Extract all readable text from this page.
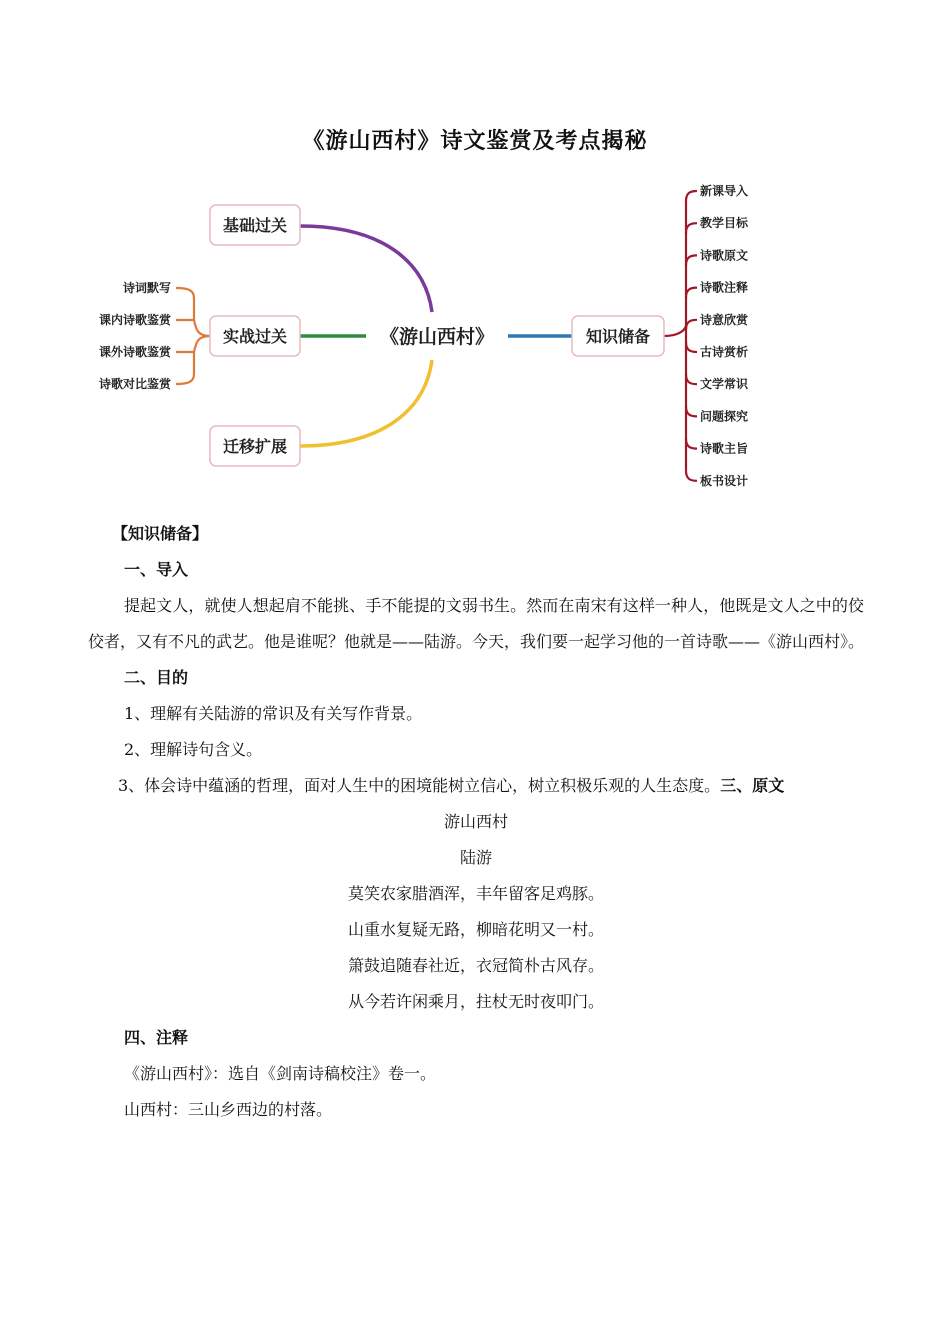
《游山西村》诗文鉴赏及考点揭秘
基础过关
实战过关
迁移扩展
知识储备
《游山西村》
诗词默写
课内诗歌鉴赏
课外诗歌鉴赏
诗歌对比鉴赏
新课导入
教学目标
诗歌原文
诗歌注释
诗意欣赏
古诗赏析
文学常识
问题探究
诗歌主旨
板书设计

【知识储备】

一、导入

提起文人，就使人想起肩不能挑、手不能提的文弱书生。然而在南宋有这样一种人，他既是文人之中的佼佼者，又有不凡的武艺。他是谁呢？他就是——陆游。今天，我们要一起学习他的一首诗歌——《游山西村》。

二、目的

1、理解有关陆游的常识及有关写作背景。

2、理解诗句含义。

3、体会诗中蕴涵的哲理，面对人生中的困境能树立信心，树立积极乐观的人生态度。三、原文

游山西村

陆游

莫笑农家腊酒浑，丰年留客足鸡豚。

山重水复疑无路，柳暗花明又一村。

箫鼓追随春社近，衣冠简朴古风存。

从今若许闲乘月，拄杖无时夜叩门。

四、注释

《游山西村》：选自《剑南诗稿校注》卷一。

山西村：三山乡西边的村落。
